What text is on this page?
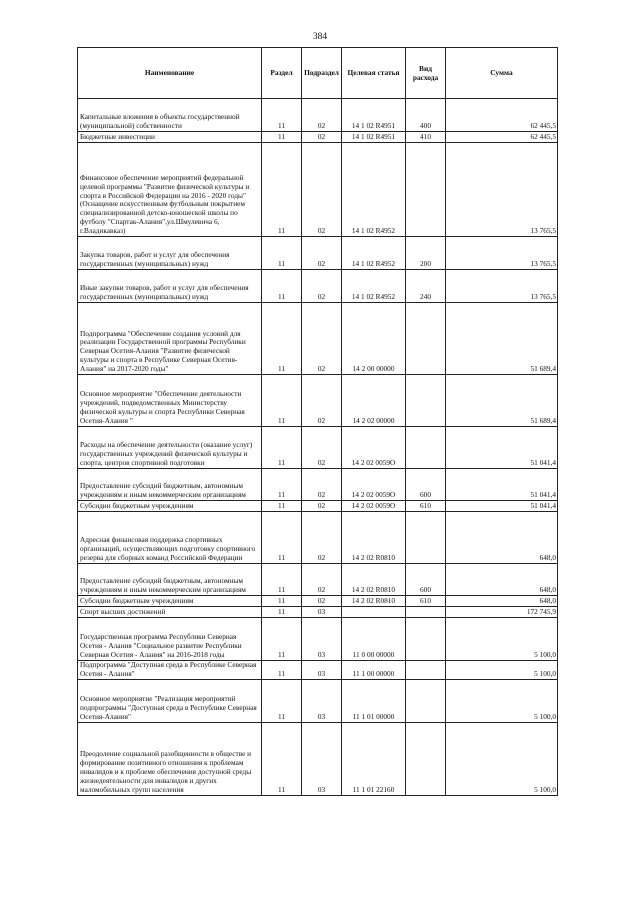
384
Наименование	Раздел	Подраздел	Целевая статья	Вид расхода	Сумма
Капитальные вложения в объекты государственной (муниципальной) собственности	11	02	14 1 02 R4951	400	62 445,5
Бюджетные инвестиции	11	02	14 1 02 R4951	410	62 445,5
Финансовое обеспечение мероприятий федеральной целевой программы "Развитие физической культуры и спорта в Российской Федерации на 2016 - 2020 годы" (Оснащение искусственным футбольным покрытием специализированной детско-юношеской школы по футболу "Спартак-Алания",ул.Шмулевича 6, г.Владикавказ)	11	02	14 1 02 R4952		13 765,5
Закупка товаров, работ и услуг для обеспечения государственных (муниципальных) нужд	11	02	14 1 02 R4952	200	13 765,5
Иные закупки товаров, работ и услуг для обеспечения государственных (муниципальных) нужд	11	02	14 1 02 R4952	240	13 765,5
Подпрограмма "Обеспечение создания условий для реализации Государственной программы Республики Северная Осетия-Алания "Развитие физической культуры и спорта в Республике Северная Осетия-Алания" на 2017-2020 годы"	11	02	14 2 00 00000		51 689,4
Основное мероприятие "Обеспечение деятельности учреждений, подведомственных Министерству физической культуры и спорта Республики Северная Осетия-Алания "	11	02	14 2 02 00000		51 689,4
Расходы на обеспечение деятельности (оказание услуг) государственных учреждений физической культуры и спорта, центров спортивной подготовки	11	02	14 2 02 0059О		51 041,4
Предоставление субсидий бюджетным, автономным учреждениям и иным некоммерческим организациям	11	02	14 2 02 0059О	600	51 041,4
Субсидии бюджетным учреждениям	11	02	14 2 02 0059О	610	51 041,4
Адресная финансовая поддержка спортивных организаций, осуществляющих подготовку спортивного резерва для сборных команд Российской Федерации	11	02	14 2 02 R0810		648,0
Предоставление субсидий бюджетным, автономным учреждениям и иным некоммерческим организациям	11	02	14 2 02 R0810	600	648,0
Субсидии бюджетным учреждениям	11	02	14 2 02 R0810	610	648,0
Спорт высших достижений	11	03			172 745,9
Государственная программа Республики Северная Осетия - Алания "Социальное развитие Республики Северная Осетия - Алания" на 2016-2018 годы	11	03	11 0 00 00000		5 100,0
Подпрограмма "Доступная среда в Республике Северная Осетия - Алания"	11	03	11 1 00 00000		5 100,0
Основное мероприятие "Реализация мероприятий подпрограммы "Доступная среда в Республике Северная Осетия-Алания"	11	03	11 1 01 00000		5 100,0
Преодоление социальной разобщенности в обществе и формирование позитивного отношения к проблемам инвалидов и к проблеме обеспечения доступной среды жизнедеятельности для инвалидов и других маломобильных групп населения	11	03	11 1 01 22160		5 100,0
